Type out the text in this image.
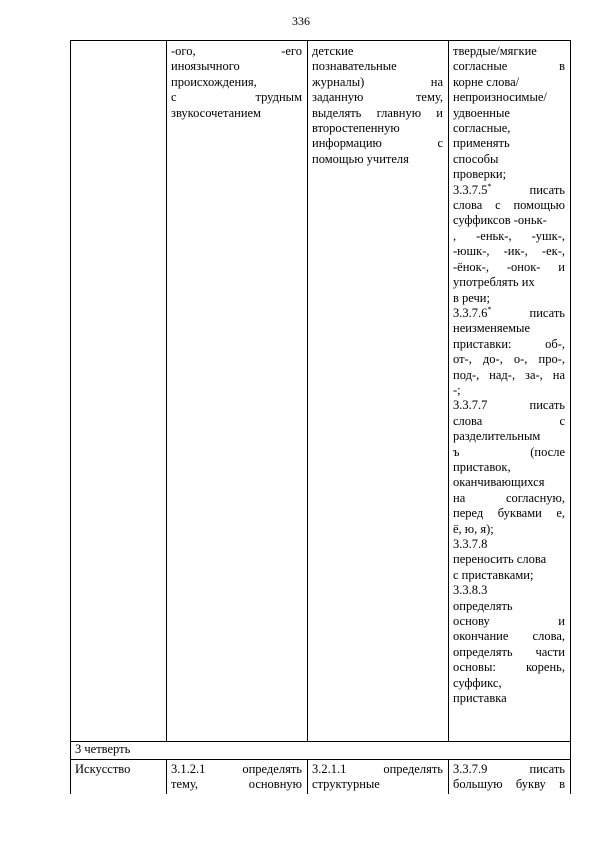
336
-ого, -его
иноязычного
происхождения,
с трудным
звукосочетанием
детские
познавательные
журналы) на
заданную тему,
выделять главную и
второстепенную
информацию с
помощью учителя
твердые/мягкие
согласные в
корне слова/
непроизносимые/
удвоенные
согласные,
применять
способы
проверки;
3.3.7.5* писать
слова с помощью
суффиксов -оньк-
, -еньк-, -ушк-,
-юшк-, -ик-, -ек-,
-ёнок-, -онок- и
употреблять их
в речи;
3.3.7.6* писать
неизменяемые
приставки: об-,
от-, до-, о-, про-,
под-, над-, за-, на
-;
3.3.7.7 писать
слова с
разделительным
ъ (после
приставок,
оканчивающихся
на согласную,
перед буквами е,
ё, ю, я);
3.3.7.8
переносить слова
с приставками;
3.3.8.3
определять
основу и
окончание слова,
определять части
основы: корень,
суффикс,
приставка
3 четверть
Искусство	3.1.2.1 определять
тему, основную
3.2.1.1 определять
структурные
3.3.7.9 писать
большую букву в
